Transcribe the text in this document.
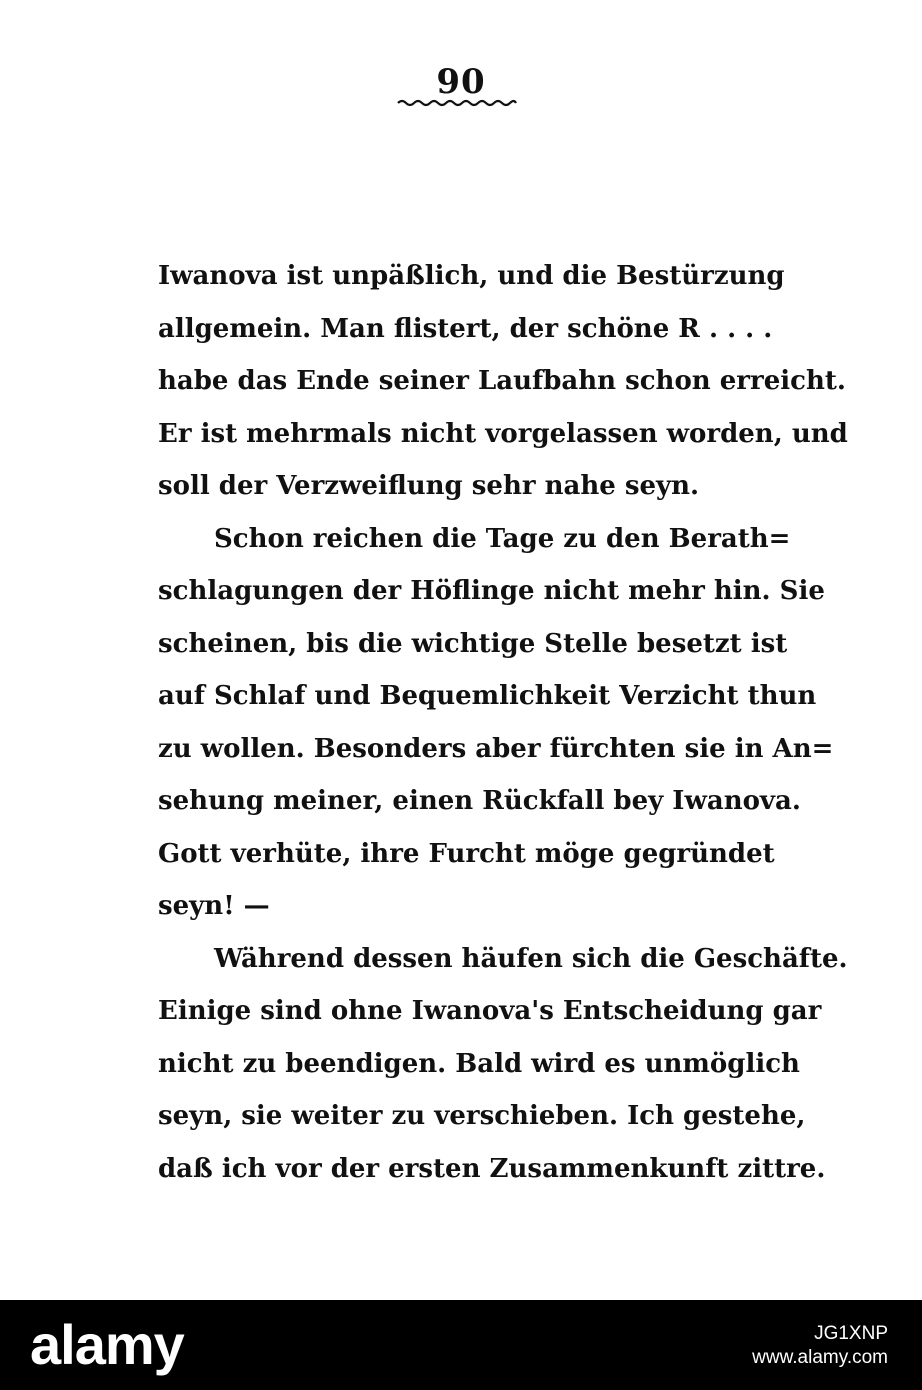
90
Iwanova ist unpäßlich, und die Bestürzung
allgemein. Man flistert, der schöne R . . . .
habe das Ende seiner Laufbahn schon erreicht.
Er ist mehrmals nicht vorgelassen worden, und
soll der Verzweiflung sehr nahe seyn.
Schon reichen die Tage zu den Berath=
schlagungen der Höflinge nicht mehr hin. Sie
scheinen, bis die wichtige Stelle besetzt ist
auf Schlaf und Bequemlichkeit Verzicht thun
zu wollen. Besonders aber fürchten sie in An=
sehung meiner, einen Rückfall bey Iwanova.
Gott verhüte, ihre Furcht möge gegründet
seyn! —
Während dessen häufen sich die Geschäfte.
Einige sind ohne Iwanova's Entscheidung gar
nicht zu beendigen. Bald wird es unmöglich
seyn, sie weiter zu verschieben. Ich gestehe,
daß ich vor der ersten Zusammenkunft zittre.
alamy	JG1XNP
www.alamy.com
